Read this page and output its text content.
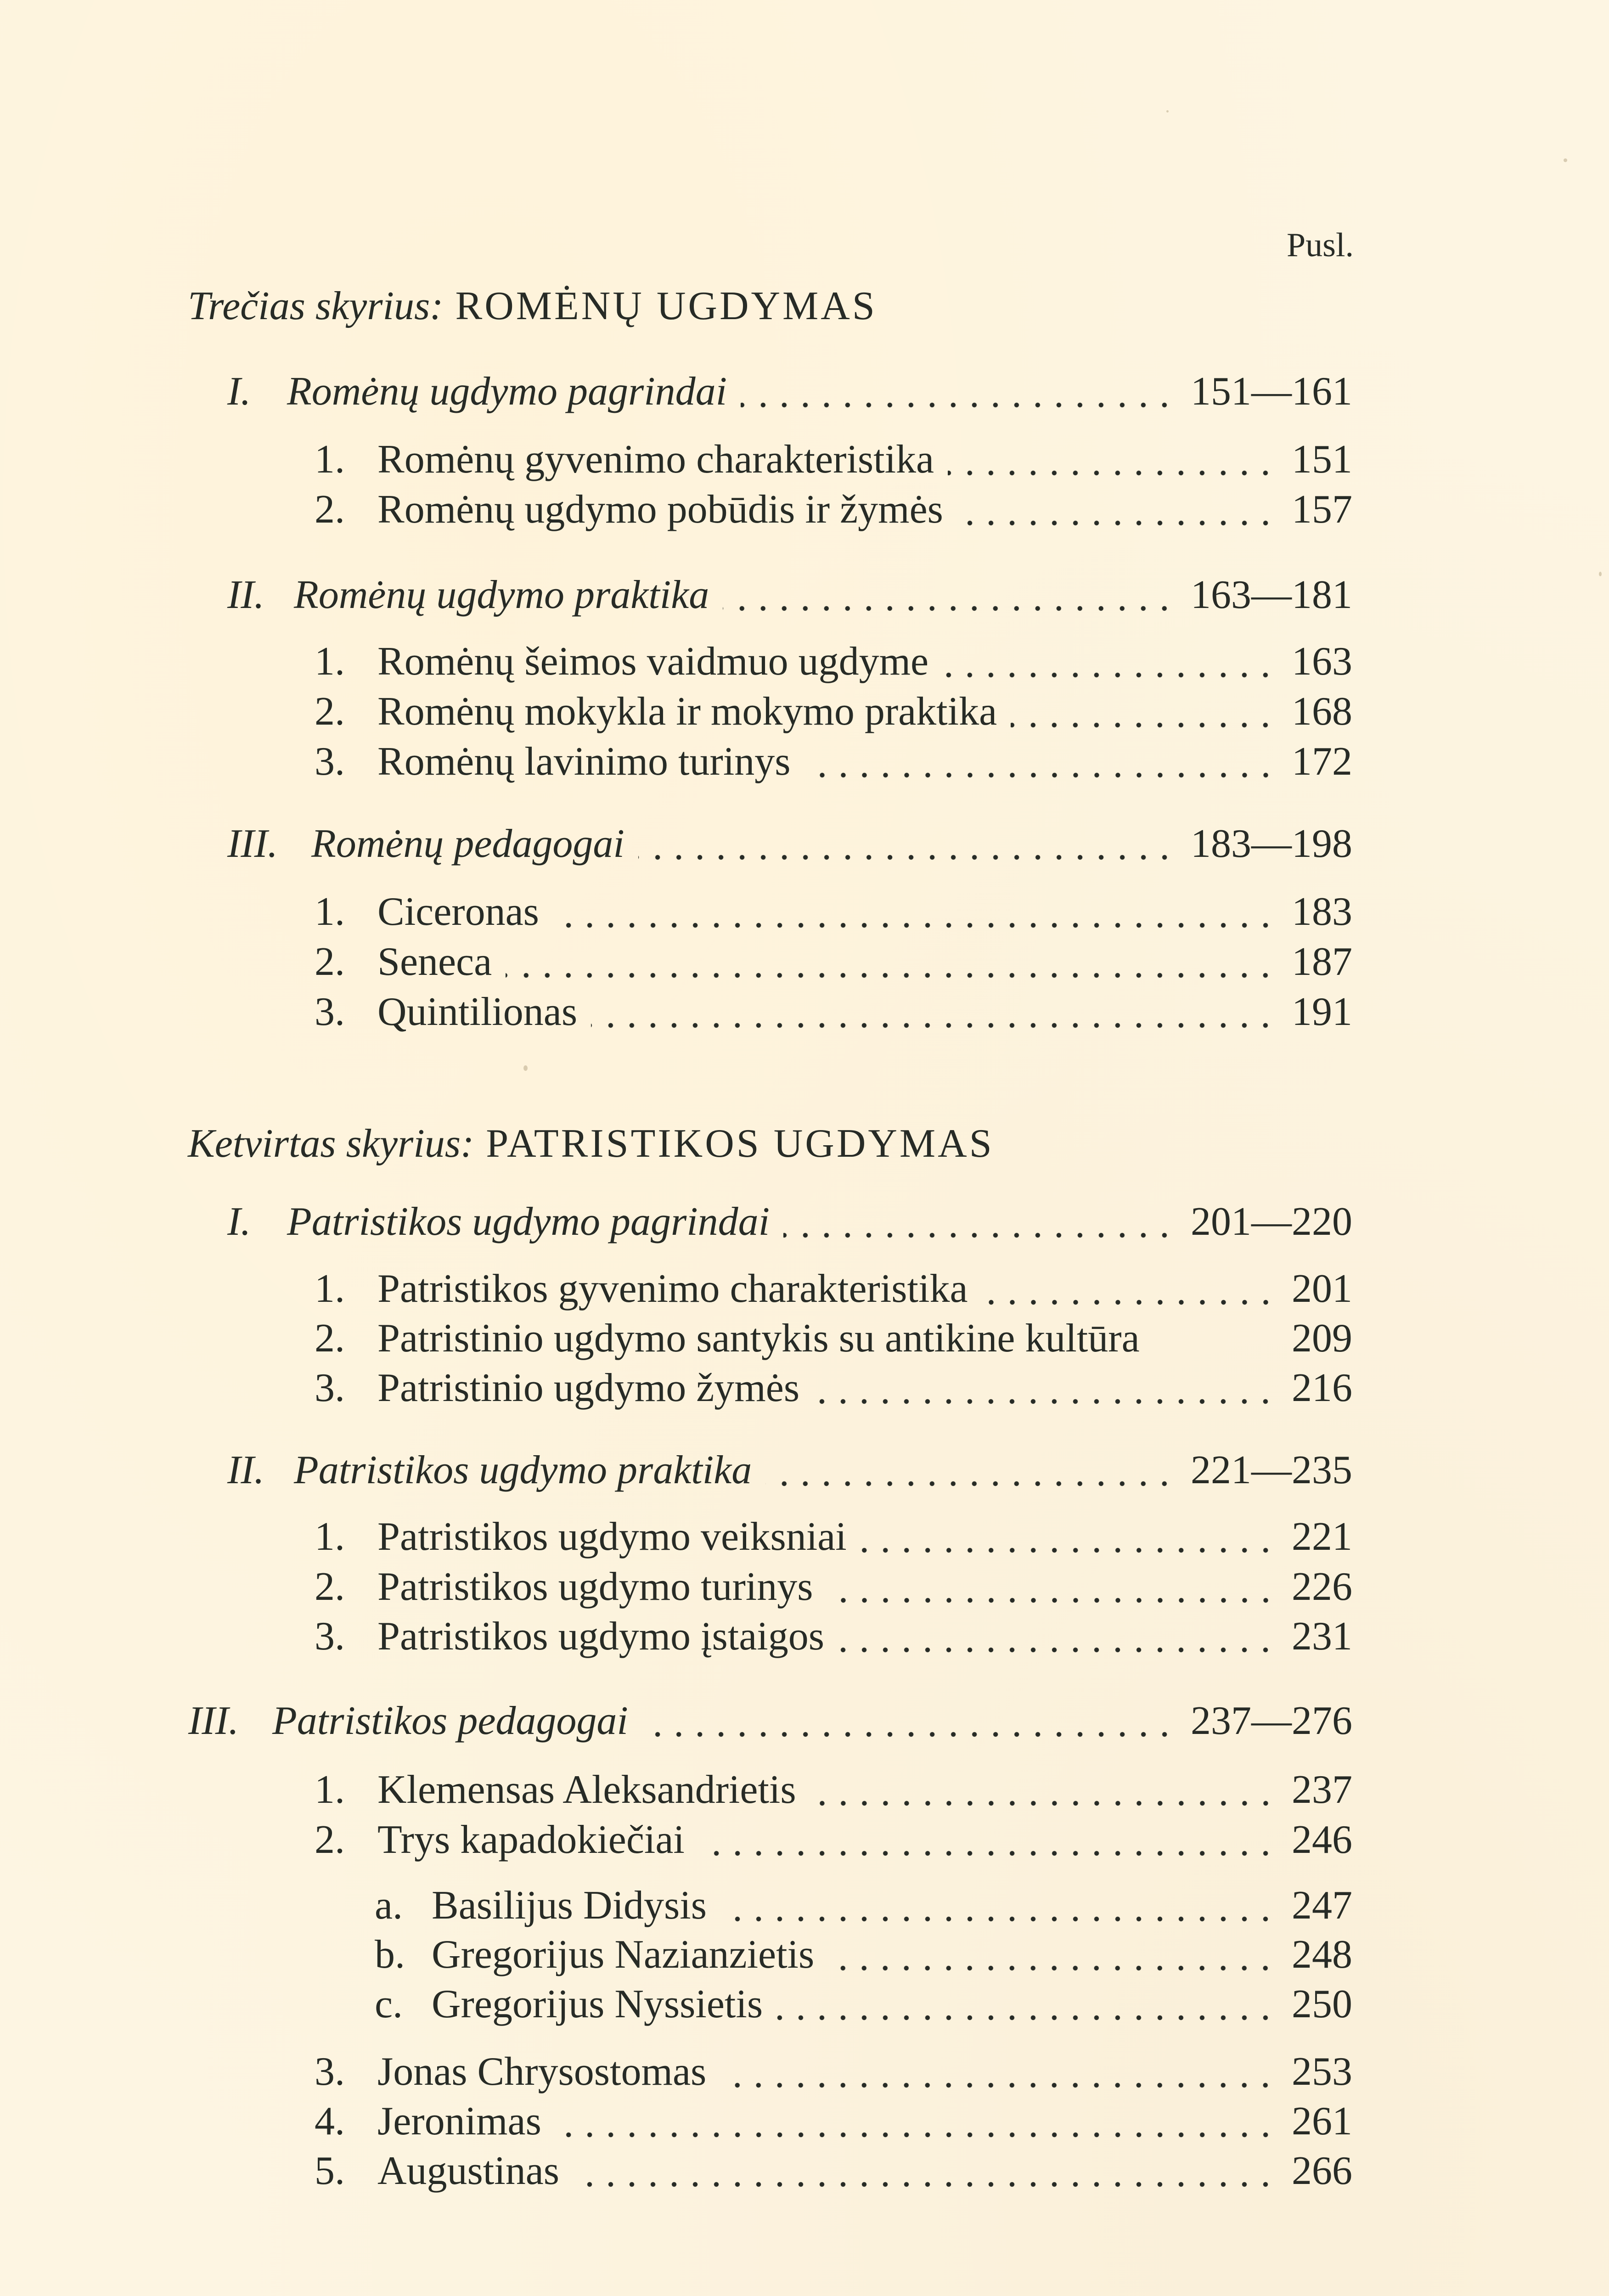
Pusl.
Trečias skyrius: ROMĖNŲ UGDYMAS
I. Romėnų ugdymo pagrindai	151—161
1. Romėnų gyvenimo charakteristika	151
2. Romėnų ugdymo pobūdis ir žymės	157
II. Romėnų ugdymo praktika	163—181
1. Romėnų šeimos vaidmuo ugdyme	163
2. Romėnų mokykla ir mokymo praktika	168
3. Romėnų lavinimo turinys	172
III. Romėnų pedagogai	183—198
1. Ciceronas	183
2. Seneca	187
3. Quintilionas	191
Ketvirtas skyrius: PATRISTIKOS UGDYMAS
I. Patristikos ugdymo pagrindai	201—220
1. Patristikos gyvenimo charakteristika	201
2. Patristinio ugdymo santykis su antikine kultūra	209
3. Patristinio ugdymo žymės	216
II. Patristikos ugdymo praktika	221—235
1. Patristikos ugdymo veiksniai	221
2. Patristikos ugdymo turinys	226
3. Patristikos ugdymo įstaigos	231
III. Patristikos pedagogai	237—276
1. Klemensas Aleksandrietis	237
2. Trys kapadokiečiai	246
a. Basilijus Didysis	247
b. Gregorijus Nazianzietis	248
c. Gregorijus Nyssietis	250
3. Jonas Chrysostomas	253
4. Jeronimas	261
5. Augustinas	266
